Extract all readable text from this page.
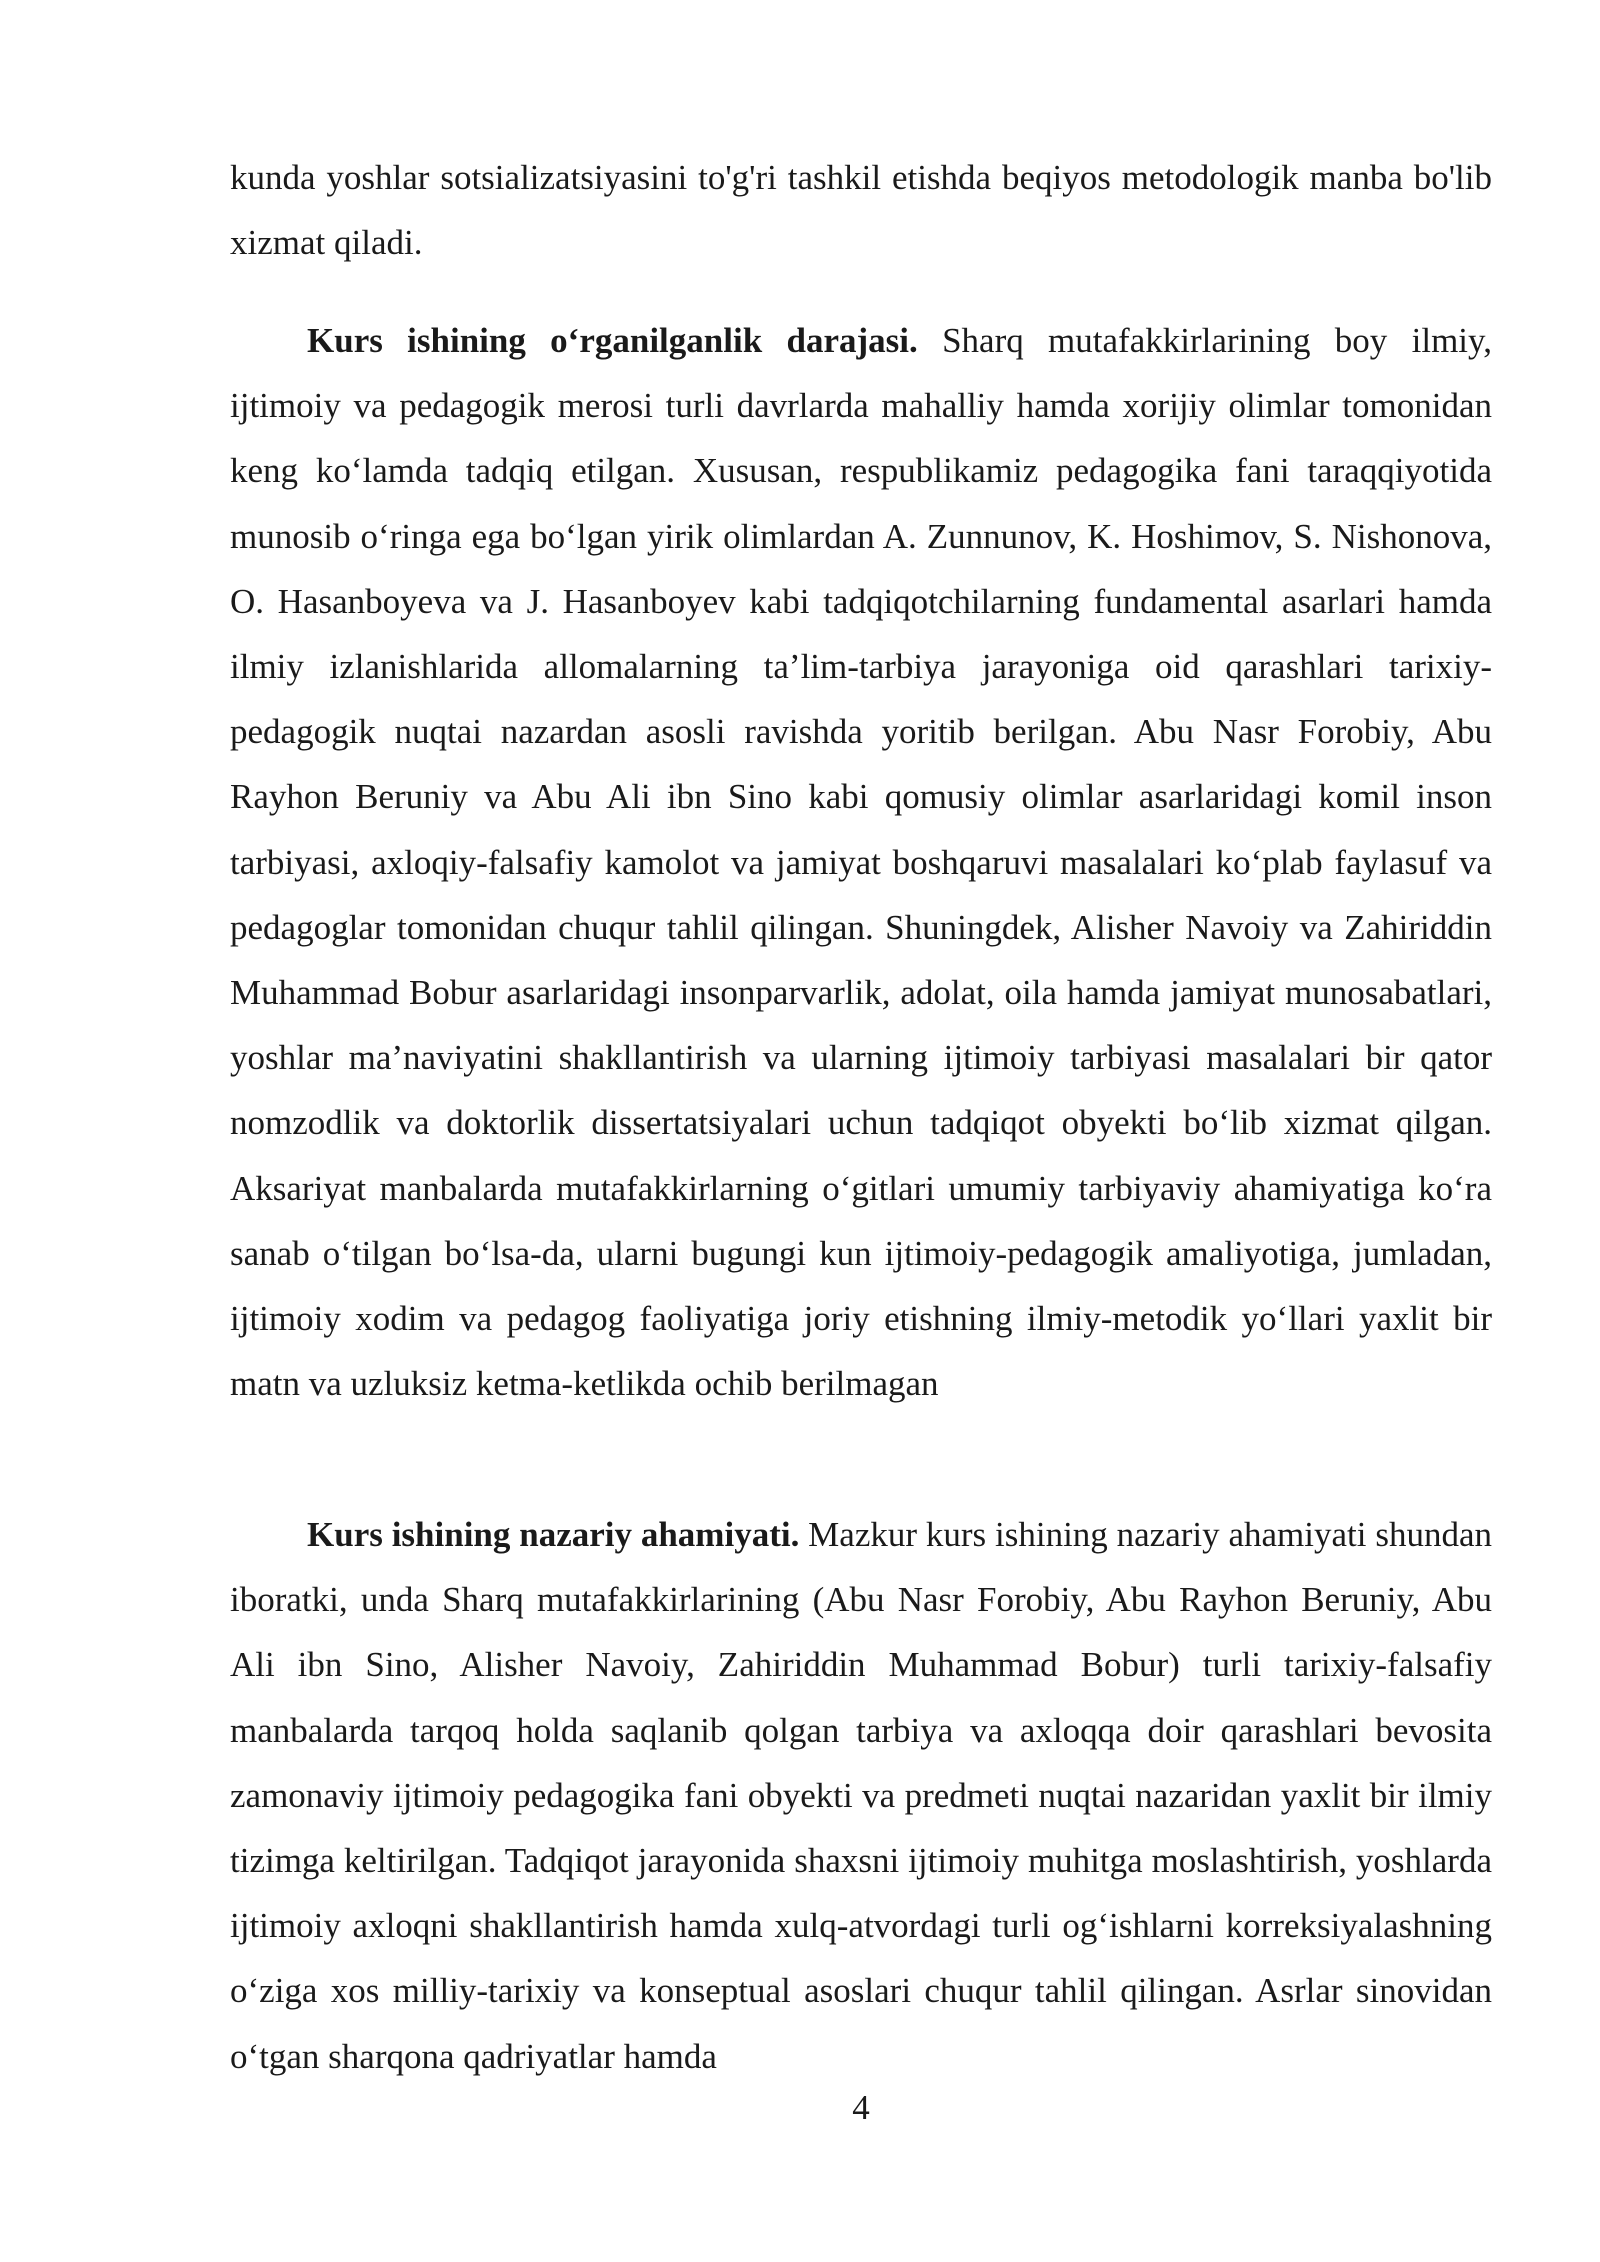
kunda yoshlar sotsializatsiyasini to'g'ri tashkil etishda beqiyos metodologik manba bo'lib xizmat qiladi.

Kurs ishining o‘rganilganlik darajasi. Sharq mutafakkirlarining boy ilmiy, ijtimoiy va pedagogik merosi turli davrlarda mahalliy hamda xorijiy olimlar tomonidan keng ko‘lamda tadqiq etilgan. Xususan, respublikamiz pedagogika fani taraqqiyotida munosib o‘ringa ega bo‘lgan yirik olimlardan A. Zunnunov, K. Hoshimov, S. Nishonova, O. Hasanboyeva va J. Hasanboyev kabi tadqiqotchilarning fundamental asarlari hamda ilmiy izlanishlarida allomalarning ta’lim-tarbiya jarayoniga oid qarashlari tarixiy-pedagogik nuqtai nazardan asosli ravishda yoritib berilgan. Abu Nasr Forobiy, Abu Rayhon Beruniy va Abu Ali ibn Sino kabi qomusiy olimlar asarlaridagi komil inson tarbiyasi, axloqiy-falsafiy kamolot va jamiyat boshqaruvi masalalari ko‘plab faylasuf va pedagoglar tomonidan chuqur tahlil qilingan. Shuningdek, Alisher Navoiy va Zahiriddin Muhammad Bobur asarlaridagi insonparvarlik, adolat, oila hamda jamiyat munosabatlari, yoshlar ma’naviyatini shakllantirish va ularning ijtimoiy tarbiyasi masalalari bir qator nomzodlik va doktorlik dissertatsiyalari uchun tadqiqot obyekti bo‘lib xizmat qilgan. Aksariyat manbalarda mutafakkirlarning o‘gitlari umumiy tarbiyaviy ahamiyatiga ko‘ra sanab o‘tilgan bo‘lsa-da, ularni bugungi kun ijtimoiy-pedagogik amaliyotiga, jumladan, ijtimoiy xodim va pedagog faoliyatiga joriy etishning ilmiy-metodik yo‘llari yaxlit bir matn va uzluksiz ketma-ketlikda ochib berilmagan

Kurs ishining nazariy ahamiyati. Mazkur kurs ishining nazariy ahamiyati shundan iboratki, unda Sharq mutafakkirlarining (Abu Nasr Forobiy, Abu Rayhon Beruniy, Abu Ali ibn Sino, Alisher Navoiy, Zahiriddin Muhammad Bobur) turli tarixiy-falsafiy manbalarda tarqoq holda saqlanib qolgan tarbiya va axloqqa doir qarashlari bevosita zamonaviy ijtimoiy pedagogika fani obyekti va predmeti nuqtai nazaridan yaxlit bir ilmiy tizimga keltirilgan. Tadqiqot jarayonida shaxsni ijtimoiy muhitga moslashtirish, yoshlarda ijtimoiy axloqni shakllantirish hamda xulq-atvordagi turli og‘ishlarni korreksiyalashning o‘ziga xos milliy-tarixiy va konseptual asoslari chuqur tahlil qilingan. Asrlar sinovidan o‘tgan sharqona qadriyatlar hamda

4
